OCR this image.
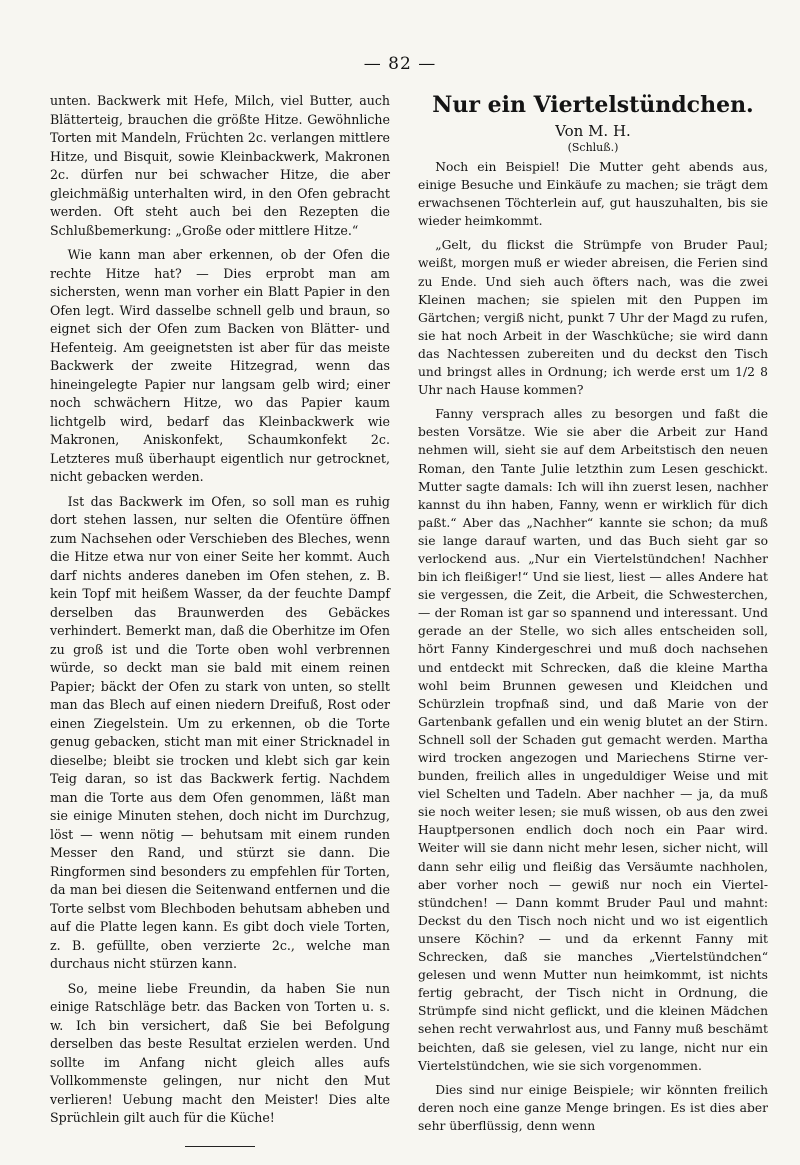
— 82 —

unten. Backwerk mit Hefe, Milch, viel Butter, auch Blätterteig, brauchen die größte Hitze. Gewöhnliche Torten mit Mandeln, Früchten 2c. verlangen mittlere Hitze, und Bisquit, sowie Kleinbackwerk, Makronen 2c. dürfen nur bei schwacher Hitze, die aber gleichmäßig unterhalten wird, in den Ofen gebracht werden. Oft steht auch bei den Rezepten die Schlußbemerkung: „Große oder mittlere Hitze.“

Wie kann man aber erkennen, ob der Ofen die rechte Hitze hat? — Dies erprobt man am sichersten, wenn man vorher ein Blatt Papier in den Ofen legt. Wird dasselbe schnell gelb und braun, so eignet sich der Ofen zum Backen von Blätter- und Hefenteig. Am geeignetsten ist aber für das meiste Backwerk der zweite Hitzegrad, wenn das hineingelegte Papier nur langsam gelb wird; einer noch schwächern Hitze, wo das Papier kaum lichtgelb wird, bedarf das Kleinbackwerk wie Makronen, Aniskonfekt, Schaumkonfekt 2c. Letzteres muß überhaupt eigentlich nur getrocknet, nicht gebacken werden.

Ist das Backwerk im Ofen, so soll man es ruhig dort stehen lassen, nur selten die Ofentüre öffnen zum Nachsehen oder Verschieben des Bleches, wenn die Hitze etwa nur von einer Seite her kommt. Auch darf nichts anderes daneben im Ofen stehen, z. B. kein Topf mit heißem Wasser, da der feuchte Dampf derselben das Braunwerden des Gebäckes verhindert. Bemerkt man, daß die Oberhitze im Ofen zu groß ist und die Torte oben wohl verbrennen würde, so deckt man sie bald mit einem reinen Papier; bäckt der Ofen zu stark von unten, so stellt man das Blech auf einen niedern Dreifuß, Rost oder einen Ziegelstein. Um zu erkennen, ob die Torte genug gebacken, sticht man mit einer Stricknadel in dieselbe; bleibt sie trocken und klebt sich gar kein Teig daran, so ist das Backwerk fertig. Nachdem man die Torte aus dem Ofen genommen, läßt man sie einige Minuten stehen, doch nicht im Durchzug, löst — wenn nötig — behutsam mit einem runden Messer den Rand, und stürzt sie dann. Die Ringformen sind besonders zu empfehlen für Torten, da man bei diesen die Seitenwand entfernen und die Torte selbst vom Blechboden behutsam abheben und auf die Platte legen kann. Es gibt doch viele Torten, z. B. gefüllte, oben verzierte 2c., welche man durchaus nicht stürzen kann.

So, meine liebe Freundin, da haben Sie nun einige Ratschläge betr. das Backen von Torten u. s. w. Ich bin versichert, daß Sie bei Befolgung derselben das beste Resultat erzielen werden. Und sollte im Anfang nicht gleich alles aufs Vollkommenste gelingen, nur nicht den Mut verlieren! Uebung macht den Meister! Dies alte Sprüchlein gilt auch für die Küche!

Nur ein Viertelstündchen.
Von M. H.
(Schluß.)

Noch ein Beispiel! Die Mutter geht abends aus, einige Besuche und Einkäufe zu machen; sie trägt dem erwachsenen Töchterlein auf, gut hauszuhalten, bis sie wieder heimkommt.

„Gelt, du flickst die Strümpfe von Bruder Paul; weißt, morgen muß er wieder abreisen, die Ferien sind zu Ende. Und sieh auch öfters nach, was die zwei Kleinen machen; sie spielen mit den Puppen im Gärtchen; vergiß nicht, punkt 7 Uhr der Magd zu rufen, sie hat noch Arbeit in der Waschküche; sie wird dann das Nachtessen zubereiten und du deckst den Tisch und bringst alles in Ordnung; ich werde erst um 1/2 8 Uhr nach Hause kommen?

Fanny versprach alles zu besorgen und faßt die besten Vorsätze. Wie sie aber die Arbeit zur Hand nehmen will, sieht sie auf dem Arbeitstisch den neuen Roman, den Tante Julie letzthin zum Lesen geschickt. Mutter sagte damals: Ich will ihn zuerst lesen, nachher kannst du ihn haben, Fanny, wenn er wirklich für dich paßt.“ Aber das „Nachher“ kannte sie schon; da muß sie lange darauf warten, und das Buch sieht gar so verlockend aus. „Nur ein Viertelstündchen! Nachher bin ich fleißiger!“ Und sie liest, liest — alles Andere hat sie vergessen, die Zeit, die Arbeit, die Schwesterchen, — der Roman ist gar so spannend und interessant. Und gerade an der Stelle, wo sich alles entscheiden soll, hört Fanny Kindergeschrei und muß doch nachsehen und entdeckt mit Schrecken, daß die kleine Martha wohl beim Brunnen gewesen und Kleidchen und Schürzlein tropfnaß sind, und daß Marie von der Gartenbank gefallen und ein wenig blutet an der Stirn. Schnell soll der Schaden gut gemacht werden. Martha wird trocken angezogen und Mariechens Stirne verbunden, freilich alles in ungeduldiger Weise und mit viel Schelten und Tadeln. Aber nachher — ja, da muß sie noch weiter lesen; sie muß wissen, ob aus den zwei Hauptpersonen endlich doch noch ein Paar wird. Weiter will sie dann nicht mehr lesen, sicher nicht, will dann sehr eilig und fleißig das Versäumte nachholen, aber vorher noch — gewiß nur noch ein Viertelstündchen! — Dann kommt Bruder Paul und mahnt: Deckst du den Tisch noch nicht und wo ist eigentlich unsere Köchin? — und da erkennt Fanny mit Schrecken, daß sie manches „Viertelstündchen“ gelesen und wenn Mutter nun heimkommt, ist nichts fertig gebracht, der Tisch nicht in Ordnung, die Strümpfe sind nicht geflickt, und die kleinen Mädchen sehen recht verwahrlost aus, und Fanny muß beschämt beichten, daß sie gelesen, viel zu lange, nicht nur ein Viertelstündchen, wie sie sich vorgenommen.

Dies sind nur einige Beispiele; wir könnten freilich deren noch eine ganze Menge bringen. Es ist dies aber sehr überflüssig, denn wenn
